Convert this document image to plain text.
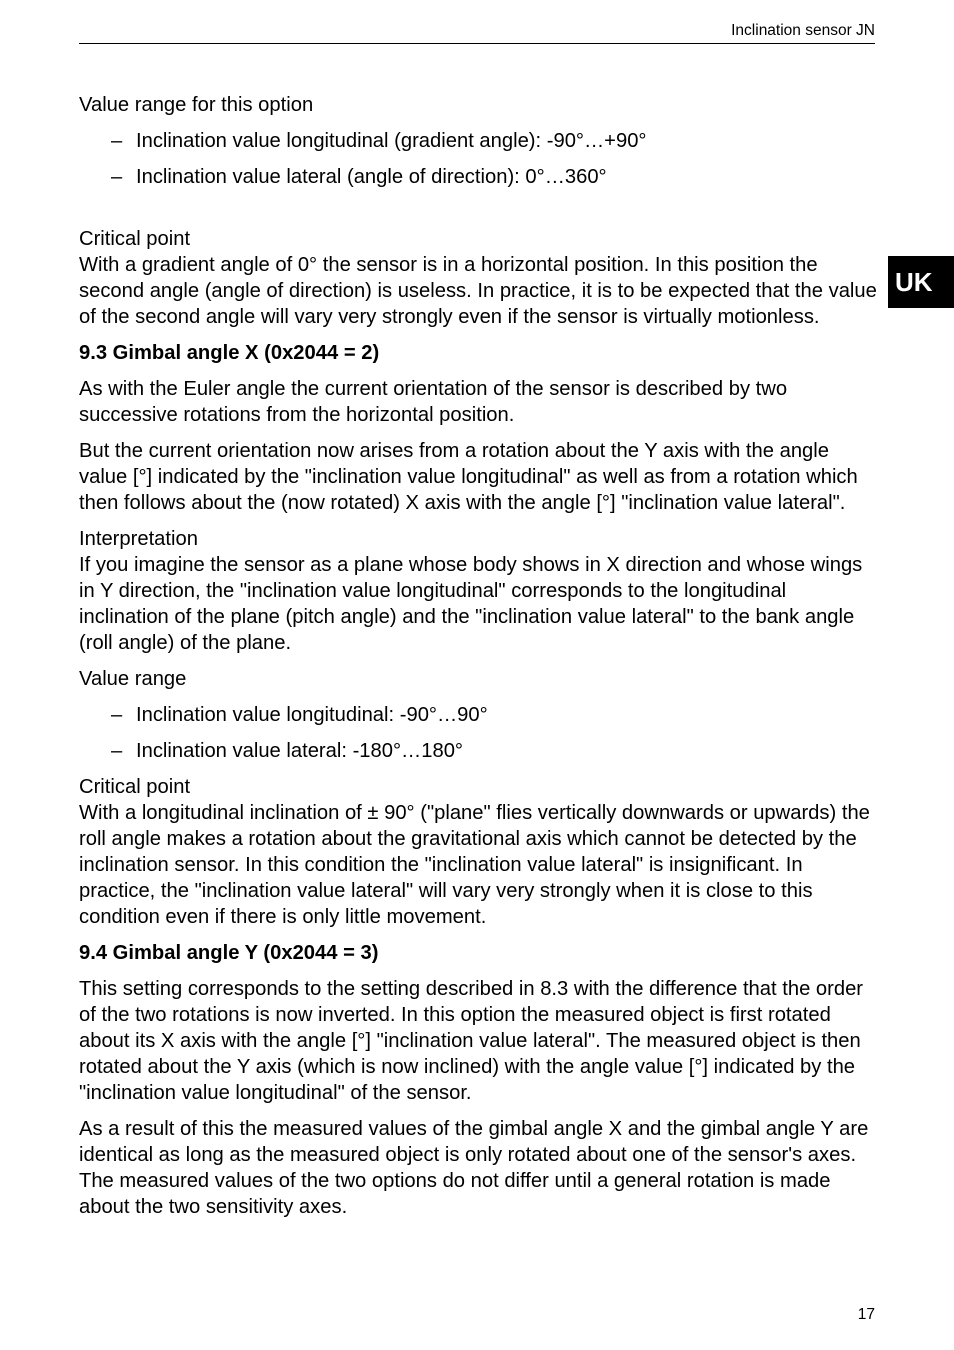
Inclination sensor JN
UK

Value range for this option

– Inclination value longitudinal (gradient angle): -90°…+90°
– Inclination value lateral (angle of direction): 0°…360°

Critical point
With a gradient angle of 0° the sensor is in a horizontal position. In this position the second angle (angle of direction) is useless. In practice, it is to be expected that the value of the second angle will vary very strongly even if the sensor is virtually motionless.

9.3 Gimbal angle X (0x2044 = 2)

As with the Euler angle the current orientation of the sensor is described by two successive rotations from the horizontal position.

But the current orientation now arises from a rotation about the Y axis with the angle value [°] indicated by the "inclination value longitudinal" as well as from a rotation which then follows about the (now rotated) X axis with the angle [°] "inclination value lateral".

Interpretation
If you imagine the sensor as a plane whose body shows in X direction and whose wings in Y direction, the "inclination value longitudinal" corresponds to the longitudinal inclination of the plane (pitch angle) and the "inclination value lateral" to the bank angle (roll angle) of the plane.

Value range

– Inclination value longitudinal: -90°…90°
– Inclination value lateral: -180°…180°

Critical point
With a longitudinal inclination of ± 90° ("plane" flies vertically downwards or upwards) the roll angle makes a rotation about the gravitational axis which cannot be detected by the inclination sensor. In this condition the "inclination value lateral" is insignificant. In practice, the "inclination value lateral" will vary very strongly when it is close to this condition even if there is only little movement.

9.4 Gimbal angle Y (0x2044 = 3)

This setting corresponds to the setting described in 8.3 with the difference that the order of the two rotations is now inverted. In this option the measured object is first rotated about its X axis with the angle [°] "inclination value lateral". The measured object is then rotated about the Y axis (which is now inclined) with the angle value [°] indicated by the "inclination value longitudinal" of the sensor.

As a result of this the measured values of the gimbal angle X and the gimbal angle Y are identical as long as the measured object is only rotated about one of the sensor's axes. The measured values of the two options do not differ until a general rotation is made about the two sensitivity axes.

17
